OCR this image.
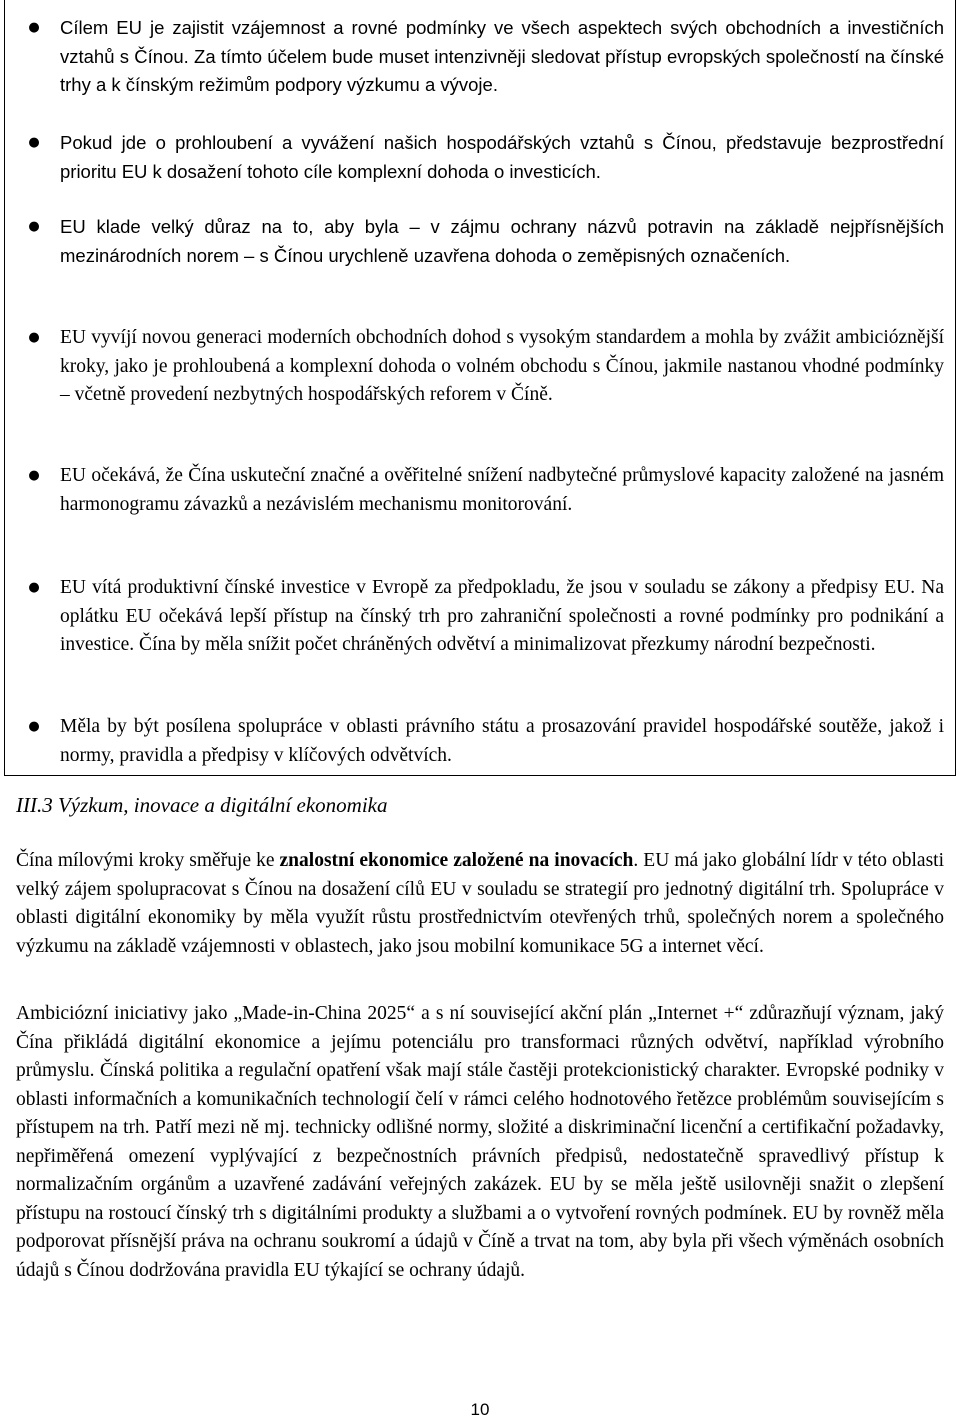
● Cílem EU je zajistit vzájemnost a rovné podmínky ve všech aspektech svých obchodních a investičních vztahů s Čínou. Za tímto účelem bude muset intenzivněji sledovat přístup evropských společností na čínské trhy a k čínským režimům podpory výzkumu a vývoje.
● Pokud jde o prohloubení a vyvážení našich hospodářských vztahů s Čínou, představuje bezprostřední prioritu EU k dosažení tohoto cíle komplexní dohoda o investicích.
● EU klade velký důraz na to, aby byla – v zájmu ochrany názvů potravin na základě nejpřísnějších mezinárodních norem – s Čínou urychleně uzavřena dohoda o zeměpisných označeních.
● EU vyvíjí novou generaci moderních obchodních dohod s vysokým standardem a mohla by zvážit ambicióznější kroky, jako je prohloubená a komplexní dohoda o volném obchodu s Čínou, jakmile nastanou vhodné podmínky – včetně provedení nezbytných hospodářských reforem v Číně.
● EU očekává, že Čína uskuteční značné a ověřitelné snížení nadbytečné průmyslové kapacity založené na jasném harmonogramu závazků a nezávislém mechanismu monitorování.
● EU vítá produktivní čínské investice v Evropě za předpokladu, že jsou v souladu se zákony a předpisy EU. Na oplátku EU očekává lepší přístup na čínský trh pro zahraniční společnosti a rovné podmínky pro podnikání a investice. Čína by měla snížit počet chráněných odvětví a minimalizovat přezkumy národní bezpečnosti.
● Měla by být posílena spolupráce v oblasti právního státu a prosazování pravidel hospodářské soutěže, jakož i normy, pravidla a předpisy v klíčových odvětvích.
III.3 Výzkum, inovace a digitální ekonomika
Čína mílovými kroky směřuje ke znalostní ekonomice založené na inovacích. EU má jako globální lídr v této oblasti velký zájem spolupracovat s Čínou na dosažení cílů EU v souladu se strategií pro jednotný digitální trh. Spolupráce v oblasti digitální ekonomiky by měla využít růstu prostřednictvím otevřených trhů, společných norem a společného výzkumu na základě vzájemnosti v oblastech, jako jsou mobilní komunikace 5G a internet věcí.
Ambiciózní iniciativy jako „Made-in-China 2025“ a s ní související akční plán „Internet +“ zdůrazňují význam, jaký Čína přikládá digitální ekonomice a jejímu potenciálu pro transformaci různých odvětví, například výrobního průmyslu. Čínská politika a regulační opatření však mají stále častěji protekcionistický charakter. Evropské podniky v oblasti informačních a komunikačních technologií čelí v rámci celého hodnotového řetězce problémům souvisejícím s přístupem na trh. Patří mezi ně mj. technicky odlišné normy, složité a diskriminační licenční a certifikační požadavky, nepřiměřená omezení vyplývající z bezpečnostních právních předpisů, nedostatečně spravedlivý přístup k normalizačním orgánům a uzavřené zadávání veřejných zakázek. EU by se měla ještě usilovněji snažit o zlepšení přístupu na rostoucí čínský trh s digitálními produkty a službami a o vytvoření rovných podmínek. EU by rovněž měla podporovat přísnější práva na ochranu soukromí a údajů v Číně a trvat na tom, aby byla při všech výměnách osobních údajů s Čínou dodržována pravidla EU týkající se ochrany údajů.
10
